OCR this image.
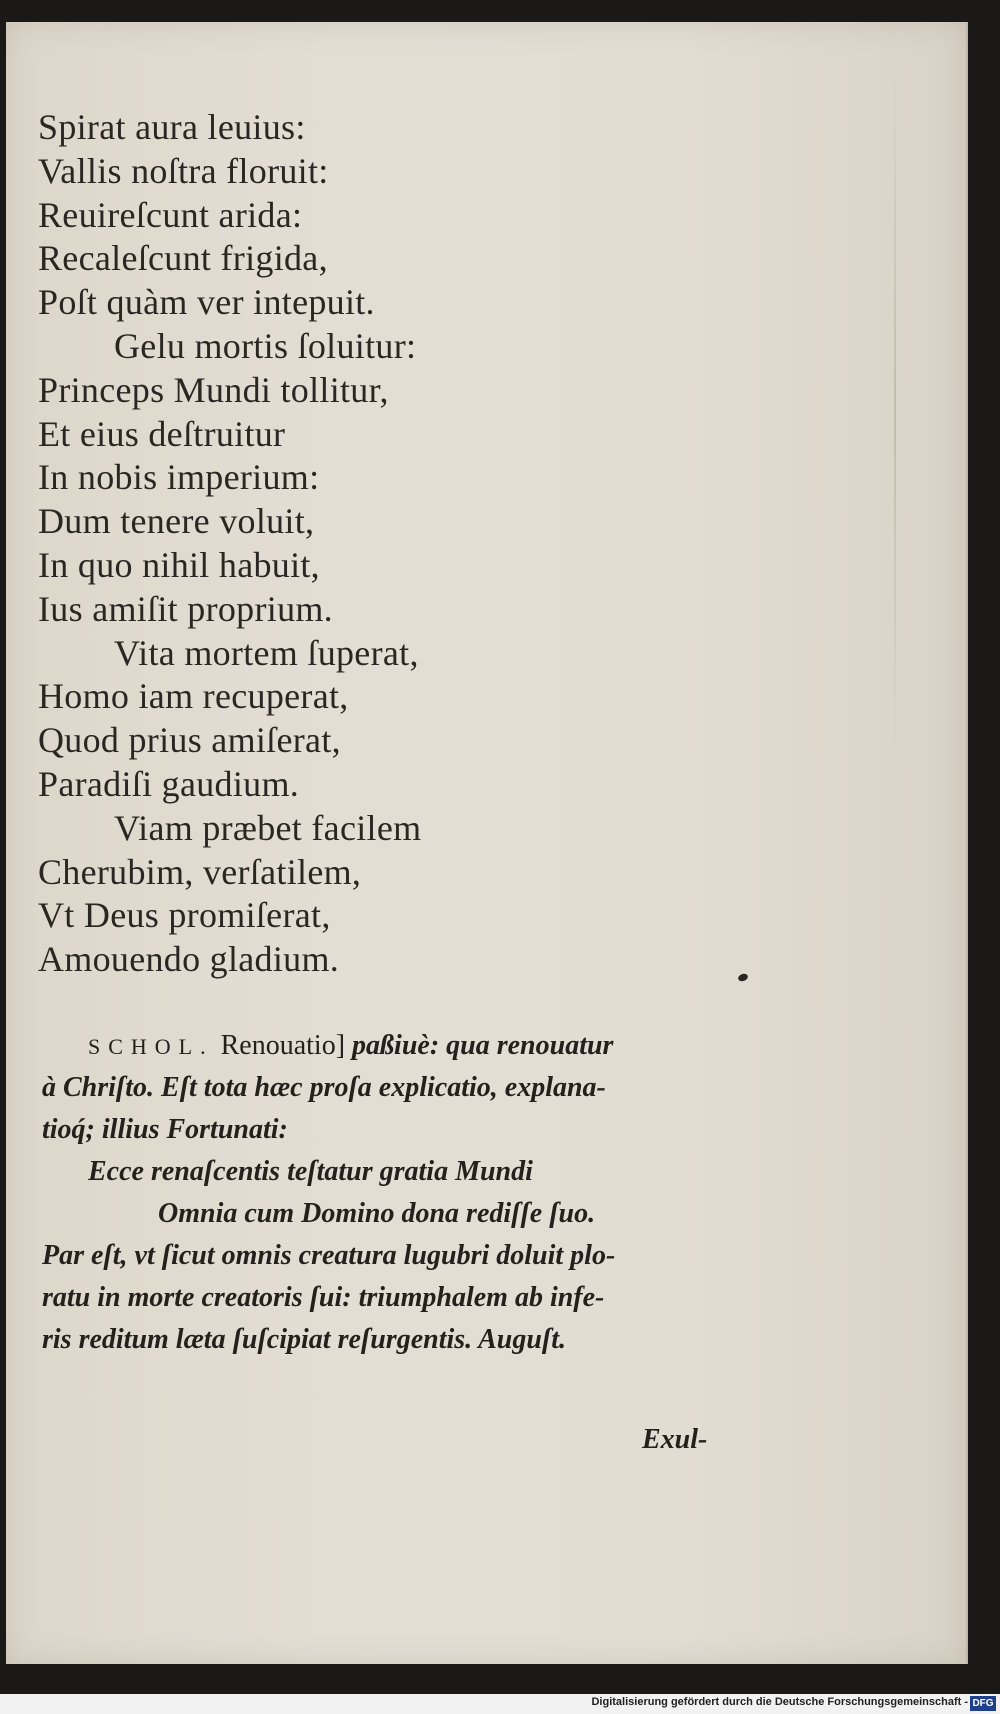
Spirat aura leuius:
Vallis noſtra floruit:
Reuireſcunt arida:
Recaleſcunt frigida,
Poſt quàm ver intepuit.
Gelu mortis ſoluitur:
Princeps Mundi tollitur,
Et eius deſtruitur
In nobis imperium:
Dum tenere voluit,
In quo nihil habuit,
Ius amiſit proprium.
Vita mortem ſuperat,
Homo iam recuperat,
Quod prius amiſerat,
Paradiſi gaudium.
Viam præbet facilem
Cherubim, verſatilem,
Vt Deus promiſerat,
Amouendo gladium.
SCHOL. Renouatio] paßiuè: qua renouatur
à Chriſto. Eſt tota hæc proſa explicatio, explana-
tioq́; illius Fortunati:
Ecce renaſcentis teſtatur gratia Mundi
Omnia cum Domino dona rediſſe ſuo.
Par eſt, vt ſicut omnis creatura lugubri doluit plo-
ratu in morte creatoris ſui: triumphalem ab infe-
ris reditum læta ſuſcipiat reſurgentis. Auguſt.
Exul-
Digitalisierung gefördert durch die Deutsche Forschungsgemeinschaft - DFG
